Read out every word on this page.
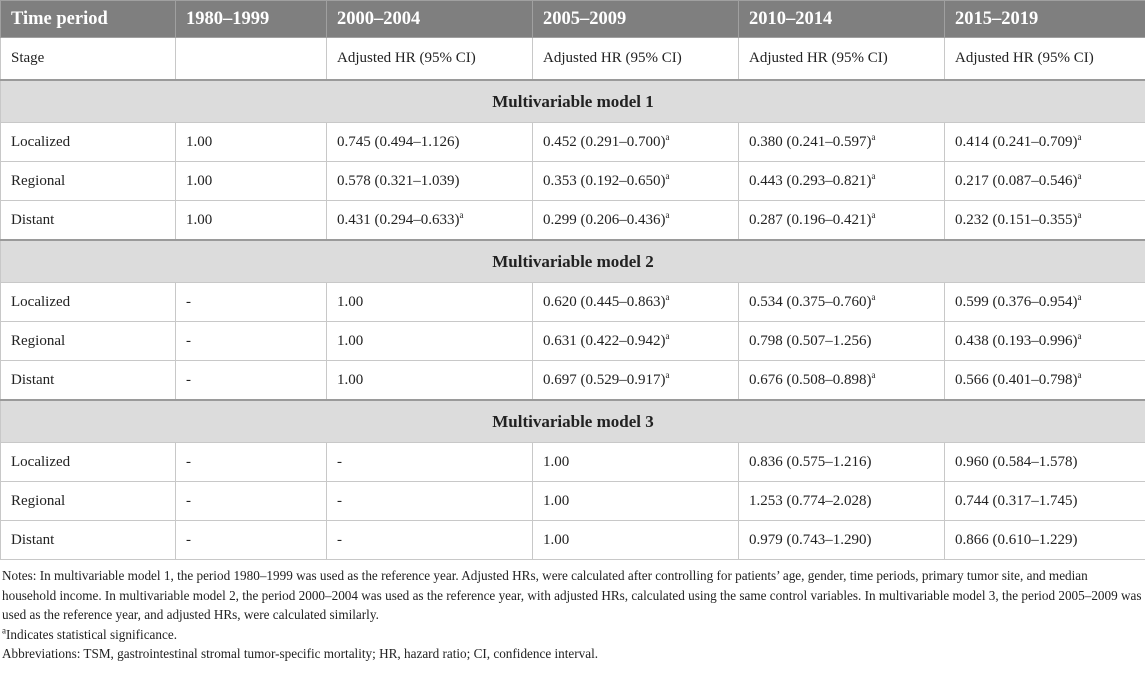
Time period	1980–1999	2000–2004	2005–2009	2010–2014	2015–2019
Stage		Adjusted HR (95% CI)	Adjusted HR (95% CI)	Adjusted HR (95% CI)	Adjusted HR (95% CI)
Multivariable model 1					
Localized	1.00	0.745 (0.494–1.126)	0.452 $(0.291-0.700)^a$	0.380 $(0.241-0.597)^a$	0.414 $(0.241-0.709)^a$
Regional	1.00	0.578 (0.321–1.039)	0.353 $(0.192-0.650)^a$	0.443 $(0.293-0.821)^a$	0.217 $(0.087-0.546)^a$
Distant	1.00	0.431 $(0.294-0.633)^a$	0.299 $(0.206-0.436)^a$	0.287 $(0.196-0.421)^a$	0.232 $(0.151-0.355)^a$
Multivariable model 2					
Localized	-	1.00	0.620 $(0.445-0.863)^a$	0.534 $(0.375-0.760)^a$	0.599 $(0.376-0.954)^a$
Regional	-	1.00	0.631 $(0.422-0.942)^a$	0.798 (0.507–1.256)	0.438 $(0.193-0.996)^a$
Distant	-	1.00	0.697 $(0.529-0.917)^a$	0.676 $(0.508-0.898)^a$	0.566 $(0.401-0.798)^a$
Multivariable model 3					
Localized	-	-	1.00	0.836 (0.575–1.216)	0.960 (0.584–1.578)
Regional	-	-	1.00	1.253 (0.774–2.028)	0.744 (0.317–1.745)
Distant	-	-	1.00	0.979 (0.743–1.290)	0.866 (0.610–1.229)

Notes: In multivariable model 1, the period 1980–1999 was used as the reference year. Adjusted HRs, were calculated after controlling for patients’ age, gender, time periods, primary tumor site, and median household income. In multivariable model 2, the period 2000–2004 was used as the reference year, with adjusted HRs, calculated using the same control variables. In multivariable model 3, the period 2005–2009 was used as the reference year, and adjusted HRs, were calculated similarly.

$^a$Indicates statistical significance.

Abbreviations: TSM, gastrointestinal stromal tumor-specific mortality; HR, hazard ratio; CI, confidence interval.
